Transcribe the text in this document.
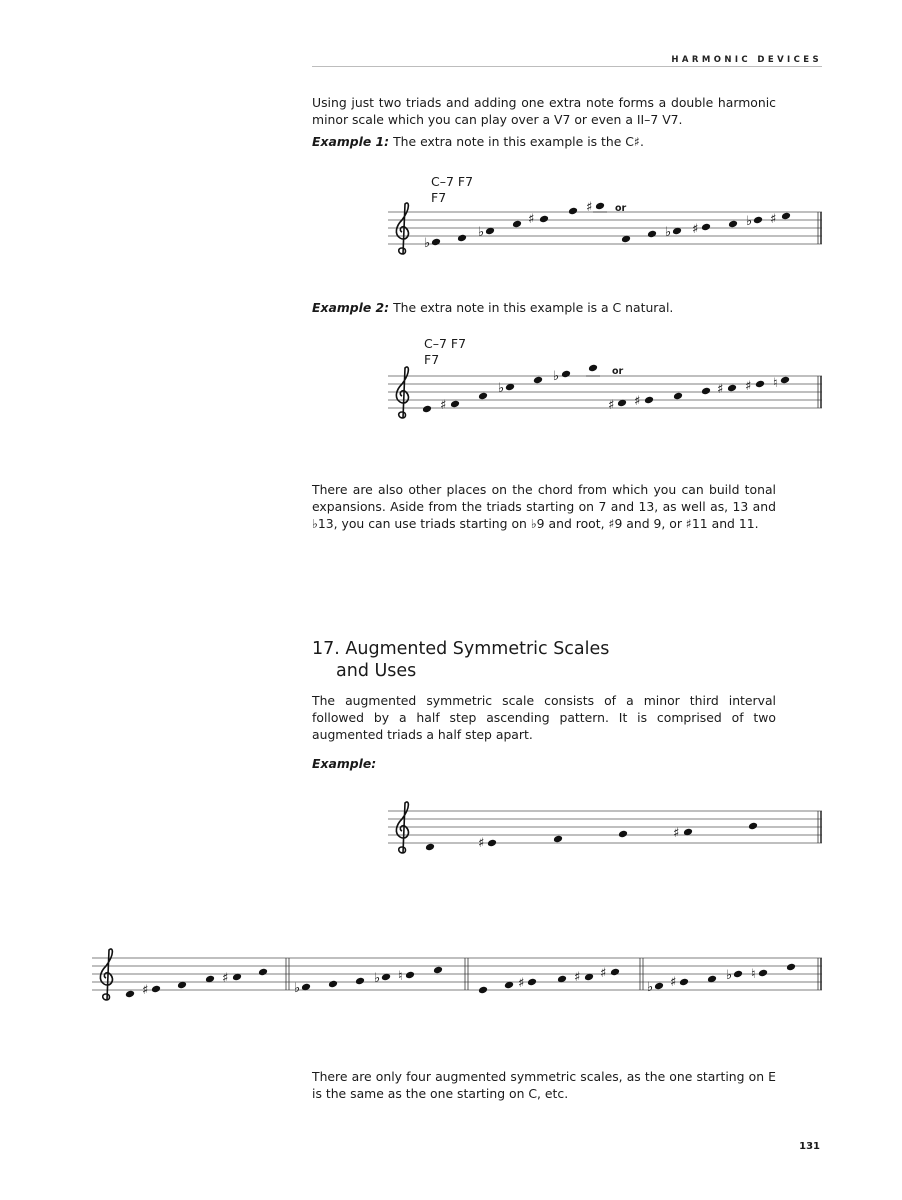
HARMONIC DEVICES
Using just two triads and adding one extra note forms a double harmonic minor scale which you can play over a V7 or even a II–7 V7.
Example 1: The extra note in this example is the C♯.
C–7 F7
F7
♭
♭
♯
♯ or
♭ ♯
♭ ♯
Example 2: The extra note in this example is a C natural.
C–7 F7
F7
♯
♭
♭	or
♯ ♯
♯ ♯ ♮
There are also other places on the chord from which you can build tonal expansions. Aside from the triads starting on 7 and 13, as well as, 13 and ♭13, you can use triads starting on ♭9 and root, ♯9 and 9, or ♯11 and 11.
17. Augmented Symmetric Scales
and Uses
The augmented symmetric scale consists of a minor third interval followed by a half step ascending pattern. It is comprised of two augmented triads a half step apart.
Example:
♯
♯
♯
♯
♭
♭ ♮	♯	♯ ♯
♭ ♯	♭ ♮
There are only four augmented symmetric scales, as the one starting on E is the same as the one starting on C, etc.
131
